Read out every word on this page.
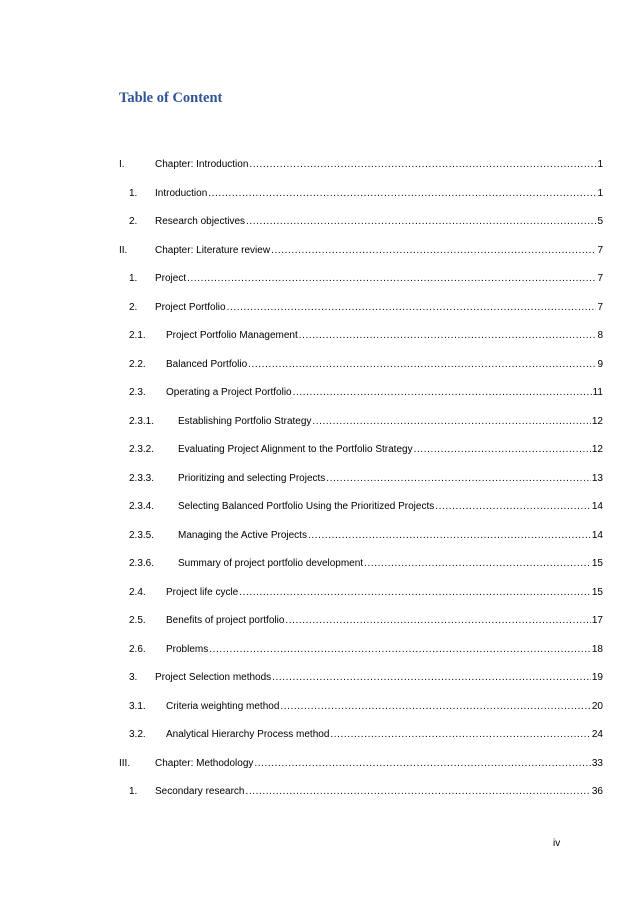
Table of Content
I.	Chapter: Introduction .....	1
1. Introduction .....	1
2. Research objectives .....	5
II.	Chapter: Literature review .....	7
1. Project .....	7
2. Project Portfolio .....	7
2.1. Project Portfolio Management .....	8
2.2. Balanced Portfolio .....	9
2.3. Operating a Project Portfolio .....	11
2.3.1. Establishing Portfolio Strategy .....	12
2.3.2. Evaluating Project Alignment to the Portfolio Strategy .....	12
2.3.3. Prioritizing and selecting Projects .....	13
2.3.4. Selecting Balanced Portfolio Using the Prioritized Projects .....	14
2.3.5. Managing the Active Projects .....	14
2.3.6. Summary of project portfolio development .....	15
2.4. Project life cycle .....	15
2.5. Benefits of project portfolio .....	17
2.6. Problems .....	18
3. Project Selection methods .....	19
3.1. Criteria weighting method .....	20
3.2. Analytical Hierarchy Process method .....	24
III. Chapter: Methodology .....	33
1. Secondary research .....	36

iv
